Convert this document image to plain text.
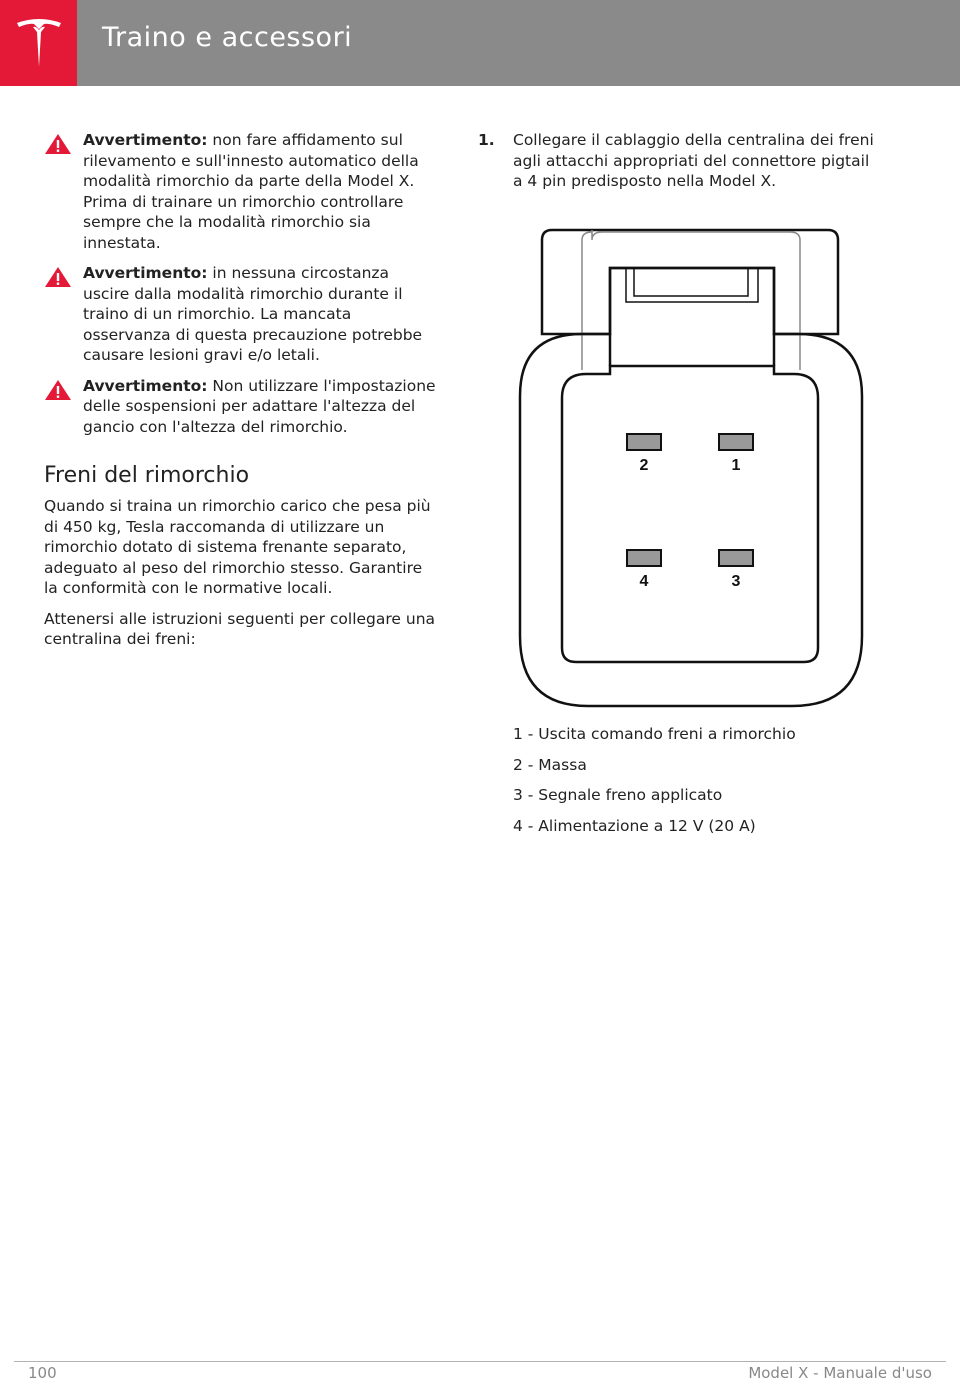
Traino e accessori
Avvertimento: non fare affidamento sul rilevamento e sull'innesto automatico della modalità rimorchio da parte della Model X. Prima di trainare un rimorchio controllare sempre che la modalità rimorchio sia innestata.
Avvertimento: in nessuna circostanza uscire dalla modalità rimorchio durante il traino di un rimorchio. La mancata osservanza di questa precauzione potrebbe causare lesioni gravi e/o letali.
Avvertimento: Non utilizzare l'impostazione delle sospensioni per adattare l'altezza del gancio con l'altezza del rimorchio.
Freni del rimorchio

Quando si traina un rimorchio carico che pesa più di 450 kg, Tesla raccomanda di utilizzare un rimorchio dotato di sistema frenante separato, adeguato al peso del rimorchio stesso. Garantire la conformità con le normative locali.

Attenersi alle istruzioni seguenti per collegare una centralina dei freni:

1. Collegare il cablaggio della centralina dei freni agli attacchi appropriati del connettore pigtail a 4 pin predisposto nella Model X.
2	1
4	3
1 - Uscita comando freni a rimorchio
2 - Massa
3 - Segnale freno applicato
4 - Alimentazione a 12 V (20 A)
100	Model X - Manuale d'uso
